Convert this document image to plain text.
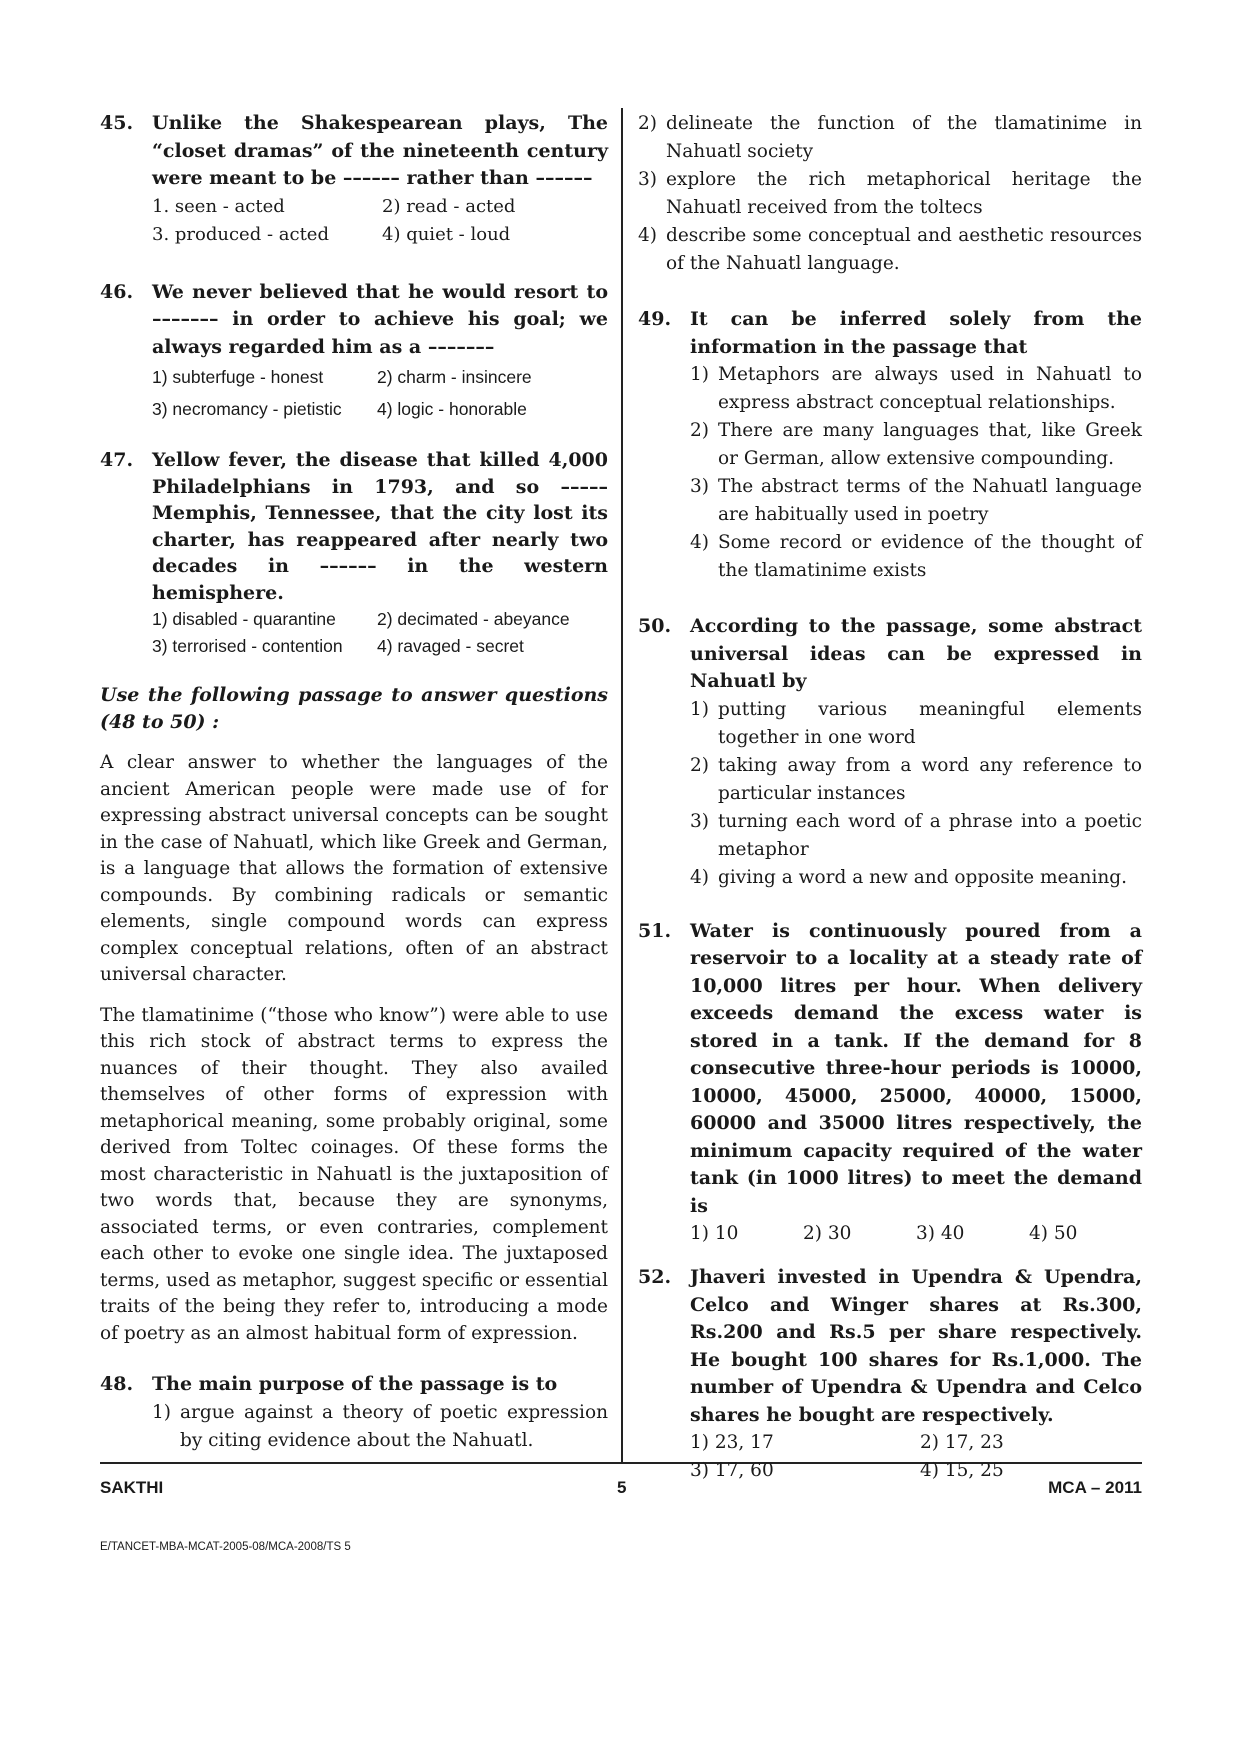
45. Unlike the Shakespearean plays, The “closet dramas” of the nineteenth century were meant to be –––––– rather than ––––––
1. seen - acted	2) read - acted
3. produced - acted	4) quiet - loud
46. We never believed that he would resort to ––––––– in order to achieve his goal; we always regarded him as a –––––––
1) subterfuge - honest	2) charm - insincere
3) necromancy - pietistic	4) logic - honorable
47. Yellow fever, the disease that killed 4,000 Philadelphians in 1793, and so ––––– Memphis, Tennessee, that the city lost its charter, has reappeared after nearly two decades in –––––– in the western hemisphere.
1) disabled - quarantine	2) decimated - abeyance
3) terrorised - contention	4) ravaged - secret
Use the following passage to answer questions (48 to 50) :

A clear answer to whether the languages of the ancient American people were made use of for expressing abstract universal concepts can be sought in the case of Nahuatl, which like Greek and German, is a language that allows the formation of extensive compounds. By combining radicals or semantic elements, single compound words can express complex conceptual relations, often of an abstract universal character.

The tlamatinime (“those who know”) were able to use this rich stock of abstract terms to express the nuances of their thought. They also availed themselves of other forms of expression with metaphorical meaning, some probably original, some derived from Toltec coinages. Of these forms the most characteristic in Nahuatl is the juxtaposition of two words that, because they are synonyms, associated terms, or even contraries, complement each other to evoke one single idea. The juxtaposed terms, used as metaphor, suggest specific or essential traits of the being they refer to, introducing a mode of poetry as an almost habitual form of expression.

48. The main purpose of the passage is to
1) argue against a theory of poetic expression by citing evidence about the Nahuatl.
2) delineate the function of the tlamatinime in Nahuatl society
3) explore the rich metaphorical heritage the Nahuatl received from the toltecs
4) describe some conceptual and aesthetic resources of the Nahuatl language.
49. It can be inferred solely from the information in the passage that
1) Metaphors are always used in Nahuatl to express abstract conceptual relationships.
2) There are many languages that, like Greek or German, allow extensive compounding.
3) The abstract terms of the Nahuatl language are habitually used in poetry
4) Some record or evidence of the thought of the tlamatinime exists
50. According to the passage, some abstract universal ideas can be expressed in Nahuatl by
1) putting various meaningful elements together in one word
2) taking away from a word any reference to particular instances
3) turning each word of a phrase into a poetic metaphor
4) giving a word a new and opposite meaning.
51. Water is continuously poured from a reservoir to a locality at a steady rate of 10,000 litres per hour. When delivery exceeds demand the excess water is stored in a tank. If the demand for 8 consecutive three-hour periods is 10000, 10000, 45000, 25000, 40000, 15000, 60000 and 35000 litres respectively, the minimum capacity required of the water tank (in 1000 litres) to meet the demand is
1) 10	2) 30	3) 40	4) 50
52. Jhaveri invested in Upendra & Upendra, Celco and Winger shares at Rs.300, Rs.200 and Rs.5 per share respectively. He bought 100 shares for Rs.1,000. The number of Upendra & Upendra and Celco shares he bought are respectively.
1) 23, 17	2) 17, 23
3) 17, 60	4) 15, 25
SAKTHI	5	MCA – 2011
E/TANCET-MBA-MCAT-2005-08/MCA-2008/TS 5
